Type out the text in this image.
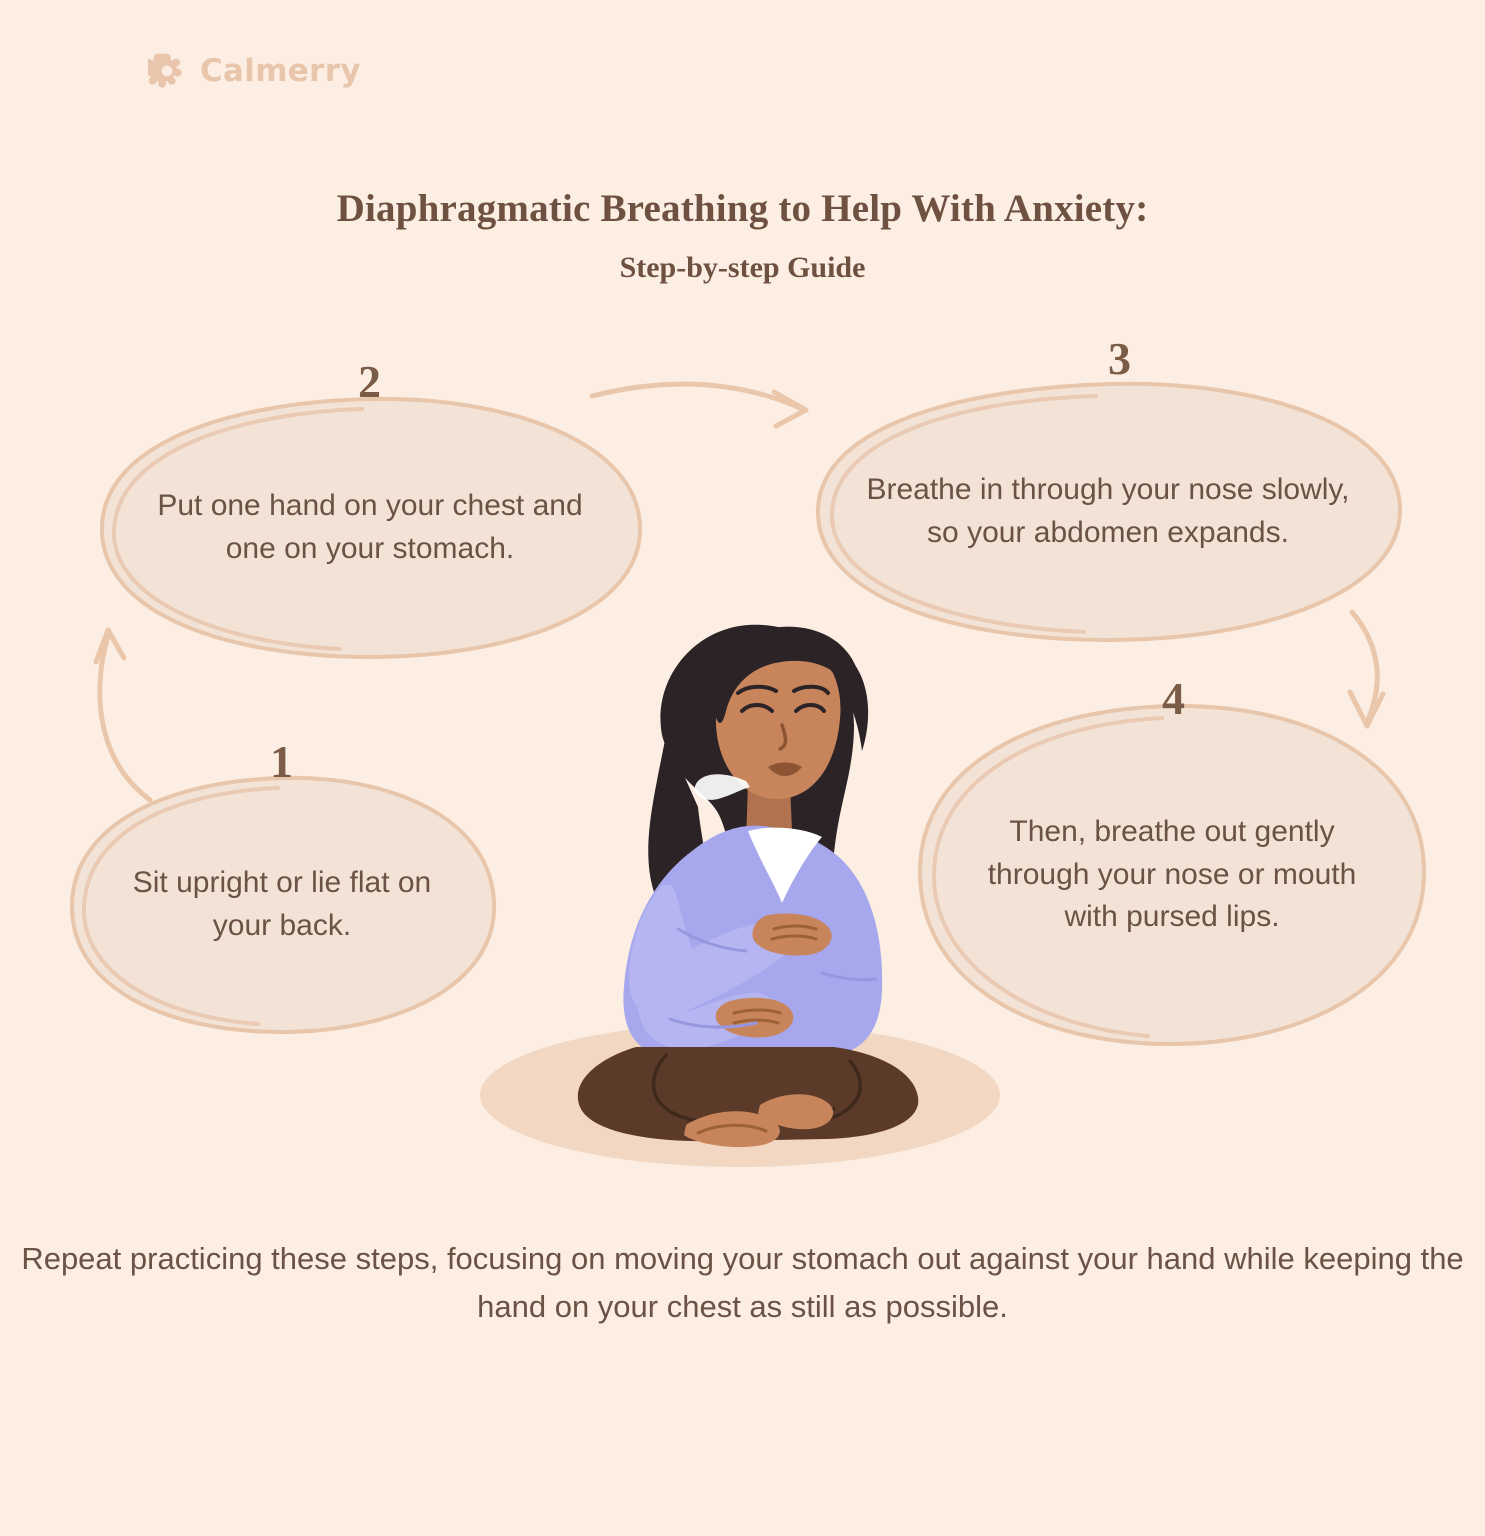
Calmerry
Diaphragmatic Breathing to Help With Anxiety:
Step-by-step Guide
Sit upright or lie flat on your back.
1
Put one hand on your chest and one on your stomach.
2
Breathe in through your nose slowly, so your abdomen expands.
3
Then, breathe out gently through your nose or mouth with pursed lips.
4
Repeat practicing these steps, focusing on moving your stomach out against your hand while keeping the hand on your chest as still as possible.
